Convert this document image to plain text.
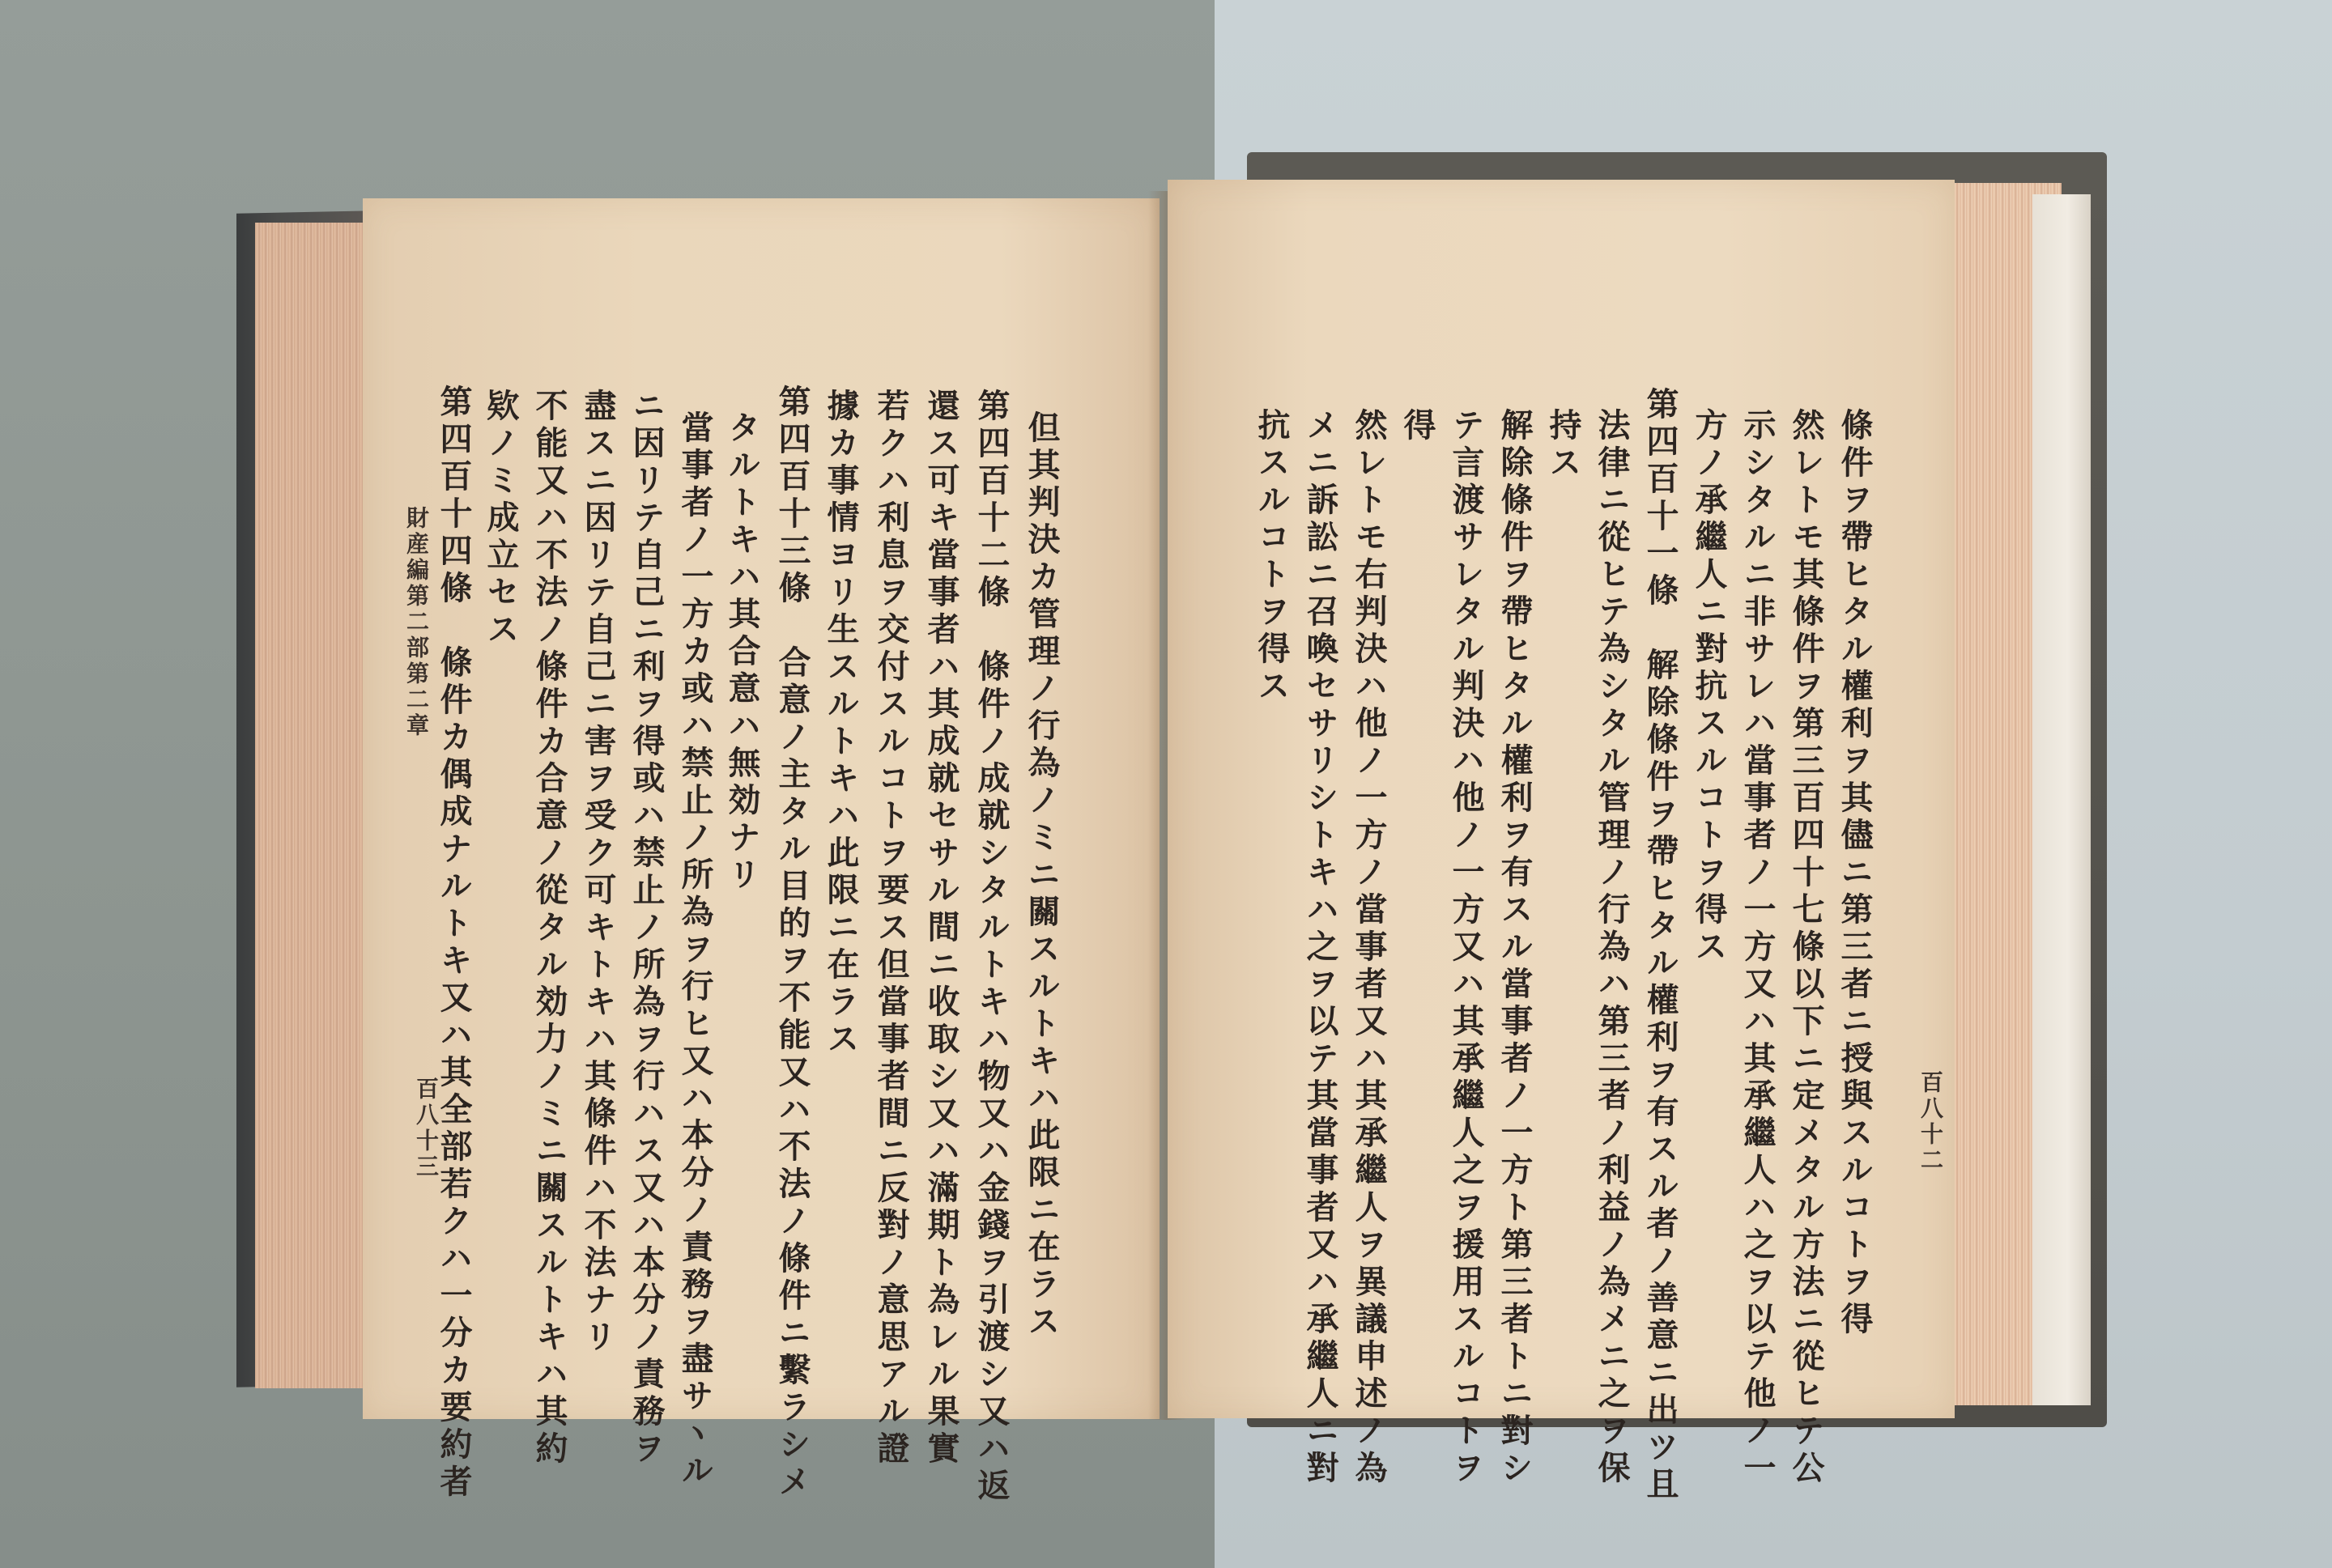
但其判決カ管理ノ行為ノミニ關スルトキハ此限ニ在ラス
第四百十二條　條件ノ成就シタルトキハ物又ハ金錢ヲ引渡シ又ハ返
還ス可キ當事者ハ其成就セサル間ニ收取シ又ハ滿期ト為レル果實
若クハ利息ヲ交付スルコトヲ要ス但當事者間ニ反對ノ意思アル證
據カ事情ヨリ生スルトキハ此限ニ在ラス
第四百十三條　合意ノ主タル目的ヲ不能又ハ不法ノ條件ニ繫ラシメ
タルトキハ其合意ハ無効ナリ
當事者ノ一方カ或ハ禁止ノ所為ヲ行ヒ又ハ本分ノ責務ヲ盡サヽル
ニ因リテ自己ニ利ヲ得或ハ禁止ノ所為ヲ行ハス又ハ本分ノ責務ヲ
盡スニ因リテ自己ニ害ヲ受ク可キトキハ其條件ハ不法ナリ
不能又ハ不法ノ條件カ合意ノ從タル効力ノミニ關スルトキハ其約
欵ノミ成立セス
第四百十四條　條件カ偶成ナルトキ又ハ其全部若クハ一分カ要約者
財産編第二部第二章
百八十三	百八十二
條件ヲ帶ヒタル權利ヲ其儘ニ第三者ニ授與スルコトヲ得
然レトモ其條件ヲ第三百四十七條以下ニ定メタル方法ニ從ヒテ公
示シタルニ非サレハ當事者ノ一方又ハ其承繼人ハ之ヲ以テ他ノ一
方ノ承繼人ニ對抗スルコトヲ得ス
第四百十一條　解除條件ヲ帶ヒタル權利ヲ有スル者ノ善意ニ出ツ且
法律ニ從ヒテ為シタル管理ノ行為ハ第三者ノ利益ノ為メニ之ヲ保
持ス
解除條件ヲ帶ヒタル權利ヲ有スル當事者ノ一方ト第三者トニ對シ
テ言渡サレタル判決ハ他ノ一方又ハ其承繼人之ヲ援用スルコトヲ
得
然レトモ右判決ハ他ノ一方ノ當事者又ハ其承繼人ヲ異議申述ノ為
メニ訴訟ニ召喚セサリシトキハ之ヲ以テ其當事者又ハ承繼人ニ對
抗スルコトヲ得ス
